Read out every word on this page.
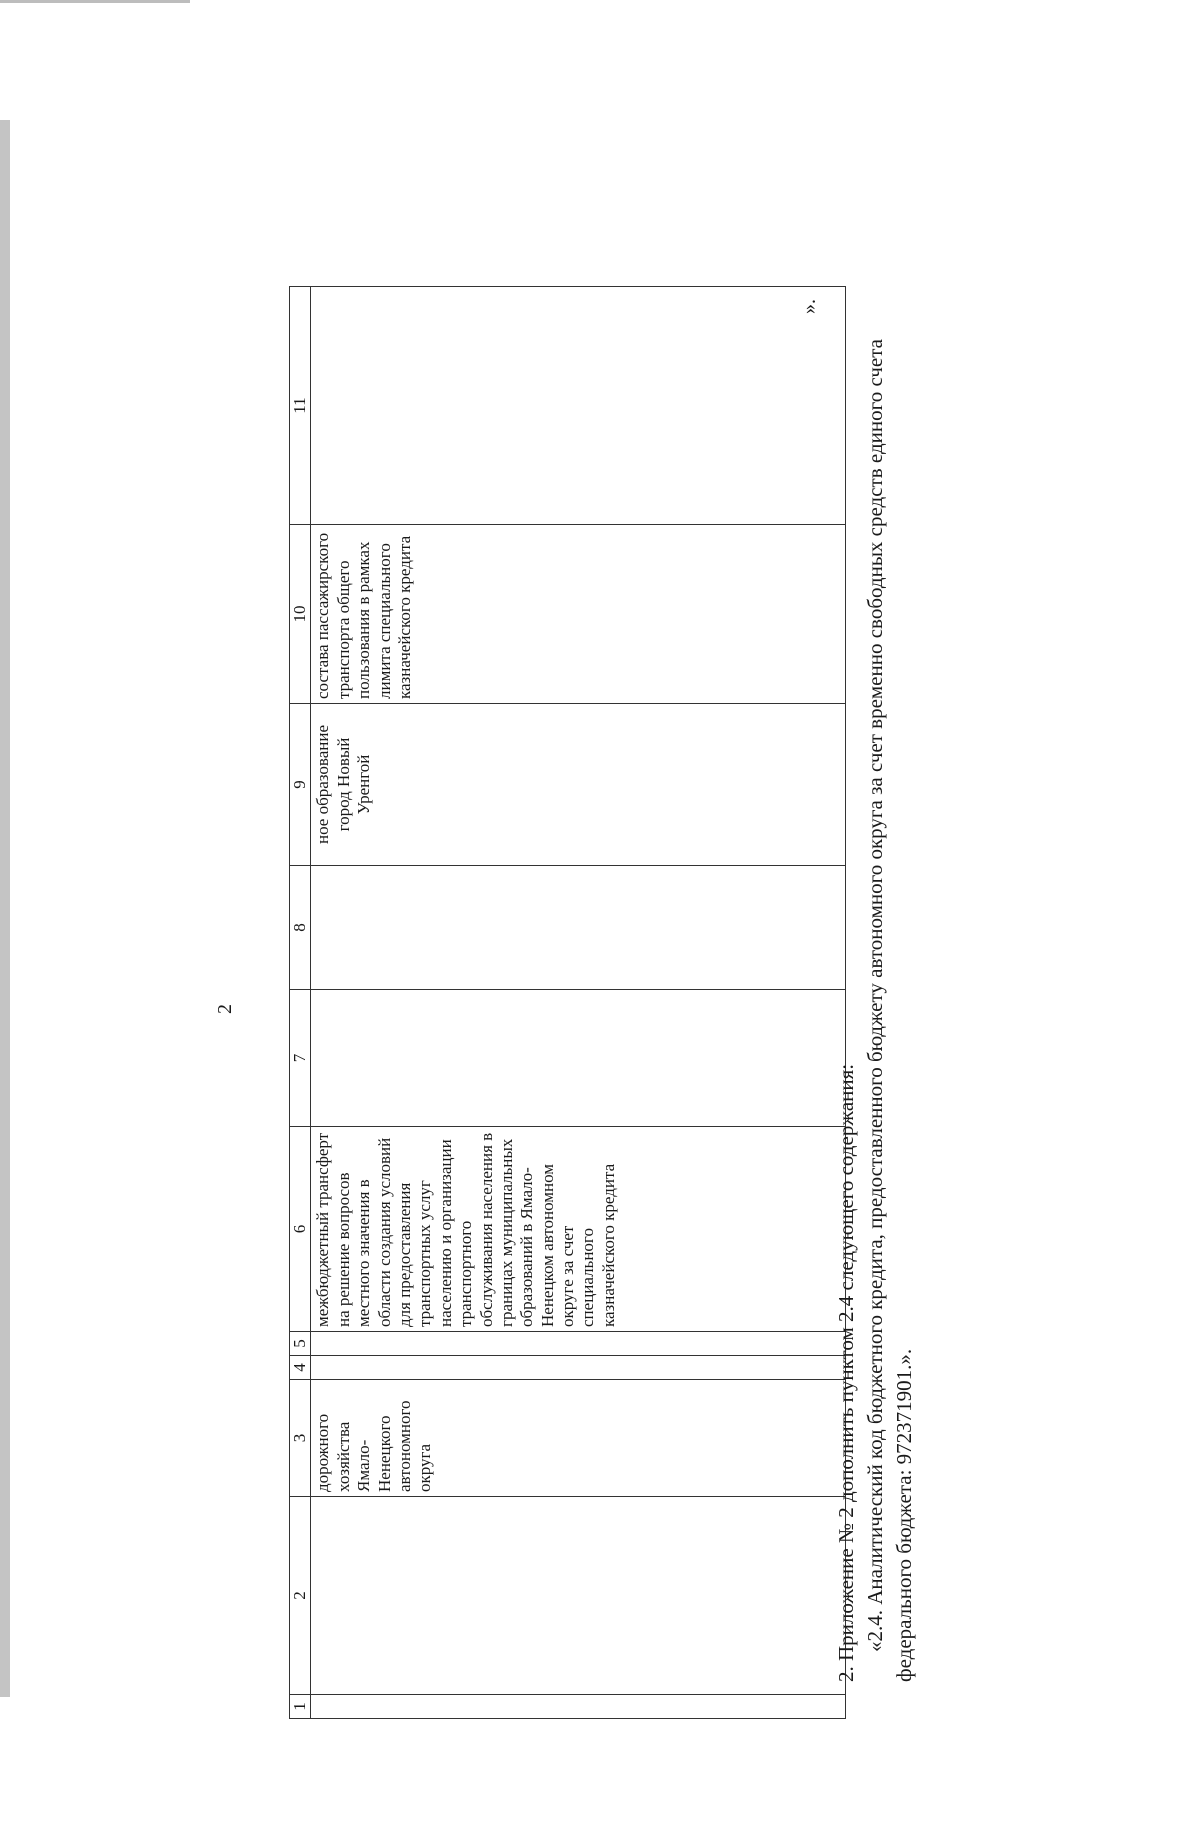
2
1	2	3	4	5	6	7	8	9	10	11
		дорожного хозяйства Ямало-Ненецкого автономного округа			межбюджетный трансферт на решение вопросов местного значения в области создания условий для предоставления транспортных услуг населению и организации транспортного обслуживания населения в границах муниципальных образований в Ямало-Ненецком автономном округе за счет специального казначейского кредита			ное образование город Новый Уренгой	состава пассажирского транспорта общего пользования в рамках лимита специального казначейского кредита	
».

2. Приложение № 2 дополнить пунктом 2.4 следующего содержания: «2.4. Аналитический код бюджетного кредита, предоставленного бюджету автономного округа за счет временно свободных средств единого счета федерального бюджета: 972371901.».
